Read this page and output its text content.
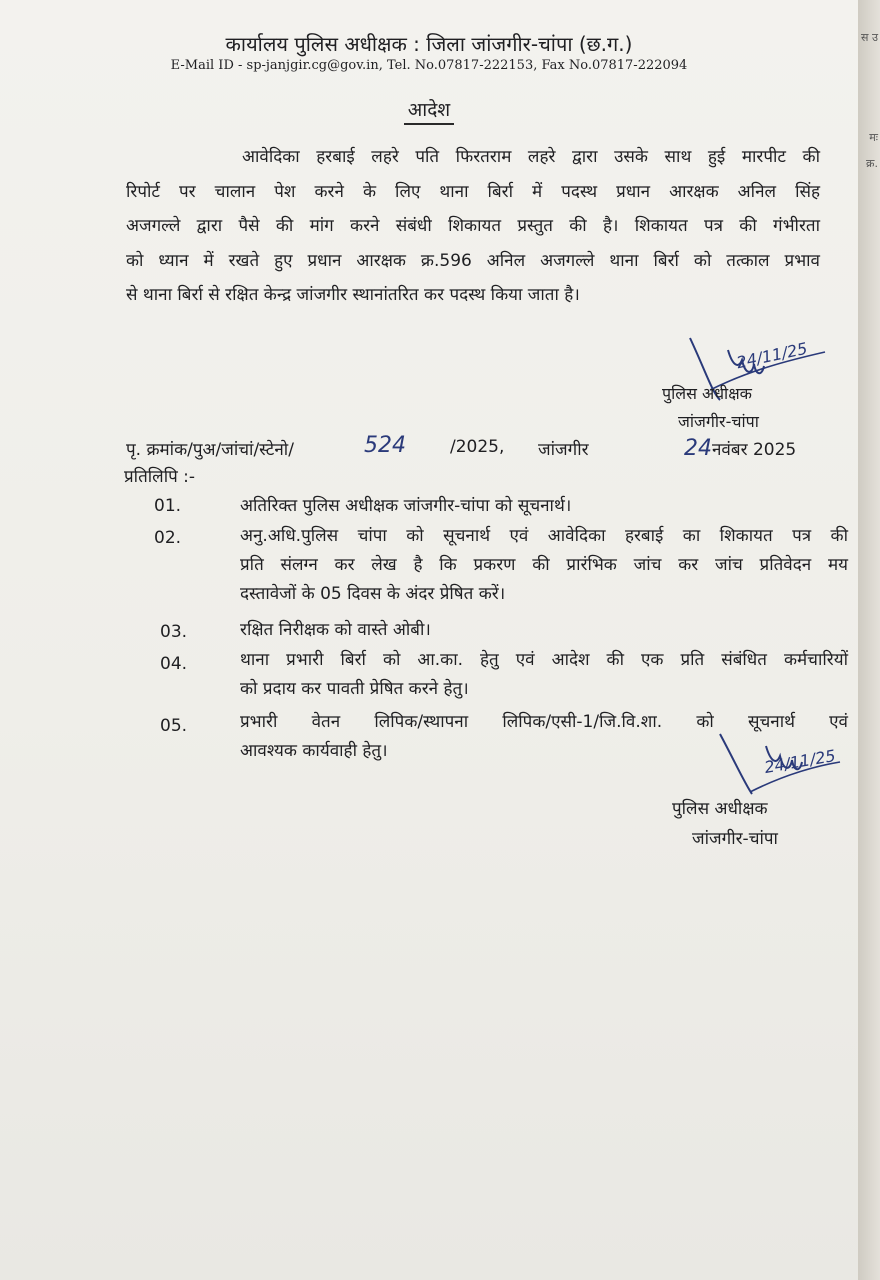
कार्यालय पुलिस अधीक्षक : जिला जांजगीर-चांपा (छ.ग.)
E-Mail ID - sp-janjgir.cg@gov.in, Tel. No.07817-222153, Fax No.07817-222094
आदेश
आवेदिका हरबाई लहरे पति फिरतराम लहरे द्वारा उसके साथ हुई मारपीट की
रिपोर्ट पर चालान पेश करने के लिए थाना बिर्रा में पदस्थ प्रधान आरक्षक अनिल सिंह
अजगल्ले द्वारा पैसे की मांग करने संबंधी शिकायत प्रस्तुत की है। शिकायत पत्र की गंभीरता
को ध्यान में रखते हुए प्रधान आरक्षक क्र.596 अनिल अजगल्ले थाना बिर्रा को तत्काल प्रभाव
से थाना बिर्रा से रक्षित केन्द्र जांजगीर स्थानांतरित कर पदस्थ किया जाता है।
24/11/25
पुलिस अधीक्षक
जांजगीर-चांपा
पृ. क्रमांक/पुअ/जांचां/स्टेनो/	524	/2025, जांजगीर	24 नवंबर 2025
प्रतिलिपि :-
01.	अतिरिक्त पुलिस अधीक्षक जांजगीर-चांपा को सूचनार्थ।
02.	अनु.अधि.पुलिस चांपा को सूचनार्थ एवं आवेदिका हरबाई का शिकायत पत्र की
प्रति संलग्न कर लेख है कि प्रकरण की प्रारंभिक जांच कर जांच प्रतिवेदन मय
दस्तावेजों के 05 दिवस के अंदर प्रेषित करें।
03.	रक्षित निरीक्षक को वास्ते ओबी।
04.	थाना प्रभारी बिर्रा को आ.का. हेतु एवं आदेश की एक प्रति संबंधित कर्मचारियों
को प्रदाय कर पावती प्रेषित करने हेतु।
05.	प्रभारी वेतन लिपिक/स्थापना लिपिक/एसी-1/जि.वि.शा. को सूचनार्थ एवं
आवश्यक कार्यवाही हेतु।	24/11/25
पुलिस अधीक्षक
जांजगीर-चांपा
स उ
मः
क्र.
